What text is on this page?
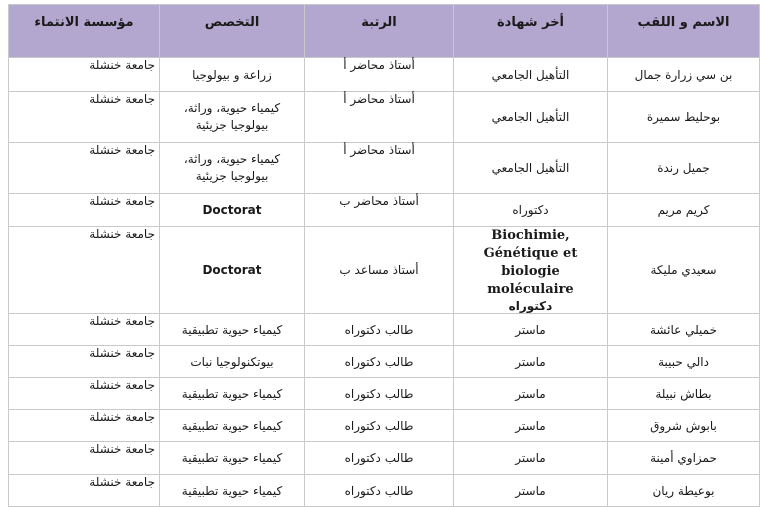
الاسم و اللقب	أخر شهادة	الرتبة	التخصص	مؤسسة الانتماء
بن سي زرارة جمال	التأهيل الجامعي	أستاذ محاضر أ	زراعة و بيولوجيا	جامعة خنشلة
بوحليط سميرة	التأهيل الجامعي	أستاذ محاضر أ	كيمياء حيوية، وراثة، بيولوجيا جزيئية	جامعة خنشلة
جميل رندة	التأهيل الجامعي	أستاذ محاضر أ	كيمياء حيوية، وراثة، بيولوجيا جزيئية	جامعة خنشلة
كريم مريم	دكتوراه	أستاذ محاضر ب	Doctorat	جامعة خنشلة
سعيدي مليكة	Biochimie, Génétique et biologie moléculaireدكتوراه	أستاذ مساعد ب	Doctorat	جامعة خنشلة
خميلي عائشة	ماستر	طالب دكتوراه	كيمياء حيوية تطبيقية	جامعة خنشلة
دالي حبيبة	ماستر	طالب دكتوراه	بيوتكنولوجيا نبات	جامعة خنشلة
بطاش نبيلة	ماستر	طالب دكتوراه	كيمياء حيوية تطبيقية	جامعة خنشلة
بابوش شروق	ماستر	طالب دكتوراه	كيمياء حيوية تطبيقية	جامعة خنشلة
حمزاوي أمينة	ماستر	طالب دكتوراه	كيمياء حيوية تطبيقية	جامعة خنشلة
بوعيطة ريان	ماستر	طالب دكتوراه	كيمياء حيوية تطبيقية	جامعة خنشلة
